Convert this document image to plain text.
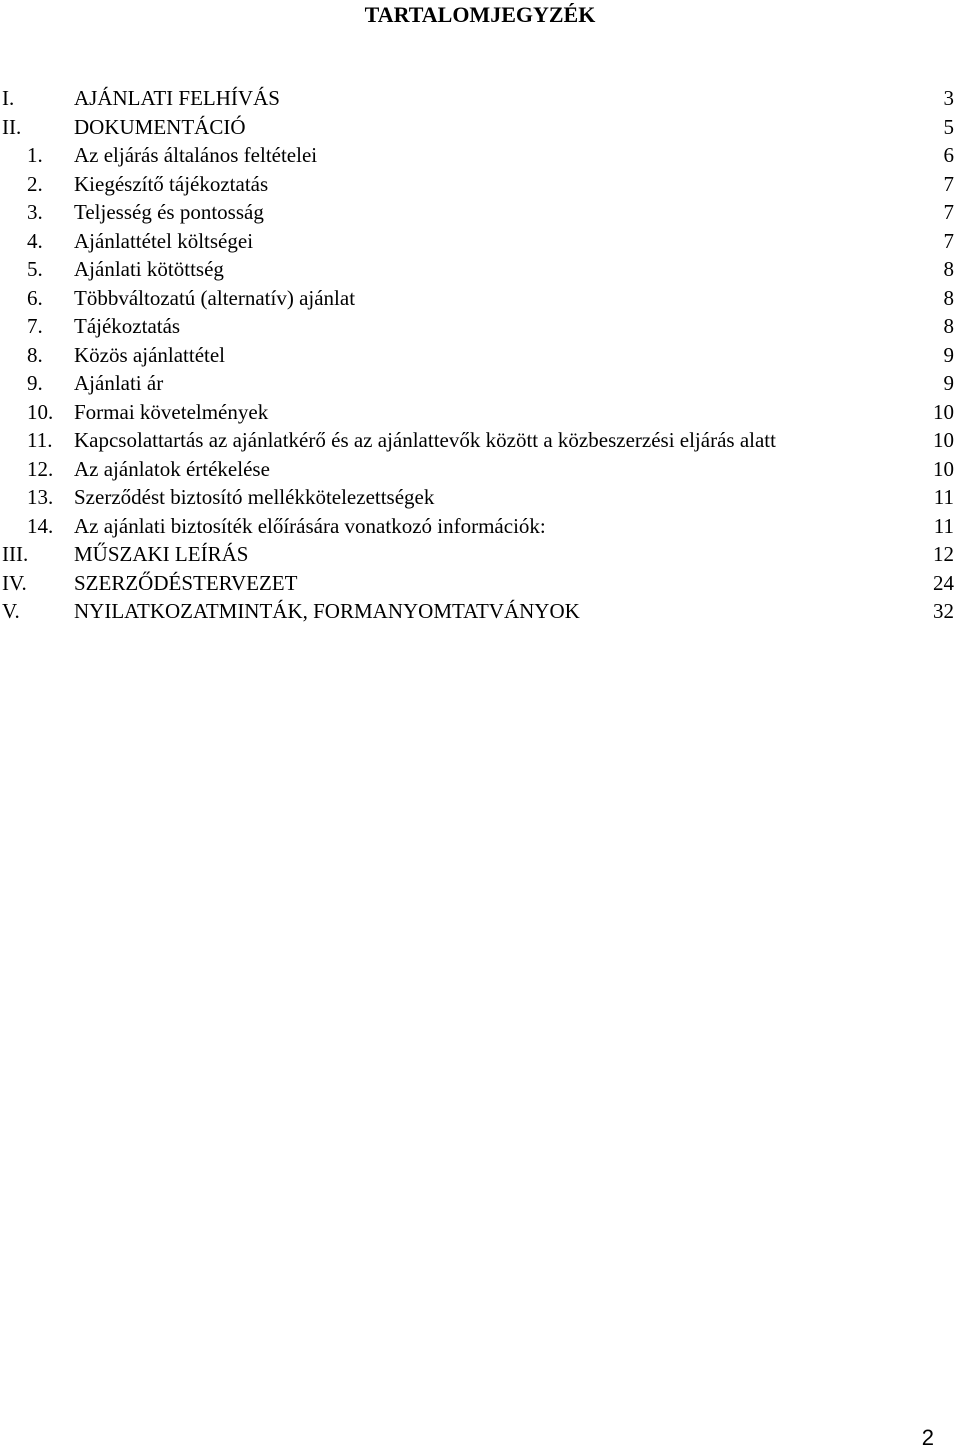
TARTALOMJEGYZÉK
I.	AJÁNLATI FELHÍVÁS	3
II.	DOKUMENTÁCIÓ	5
1. Az eljárás általános feltételei	6
2. Kiegészítő tájékoztatás	7
3. Teljesség és pontosság	7
4. Ajánlattétel költségei	7
5. Ajánlati kötöttség	8
6. Többváltozatú (alternatív) ajánlat	8
7. Tájékoztatás	8
8. Közös ajánlattétel	9
9. Ajánlati ár	9
10. Formai követelmények	10
11. Kapcsolattartás az ajánlatkérő és az ajánlattevők között a közbeszerzési eljárás alatt	10
12. Az ajánlatok értékelése	10
13. Szerződést biztosító mellékkötelezettségek	11
14. Az ajánlati biztosíték előírására vonatkozó információk:	11
III. MŰSZAKI LEÍRÁS	12
IV. SZERZŐDÉSTERVEZET	24
V.	NYILATKOZATMINTÁK, FORMANYOMTATVÁNYOK	32
2
